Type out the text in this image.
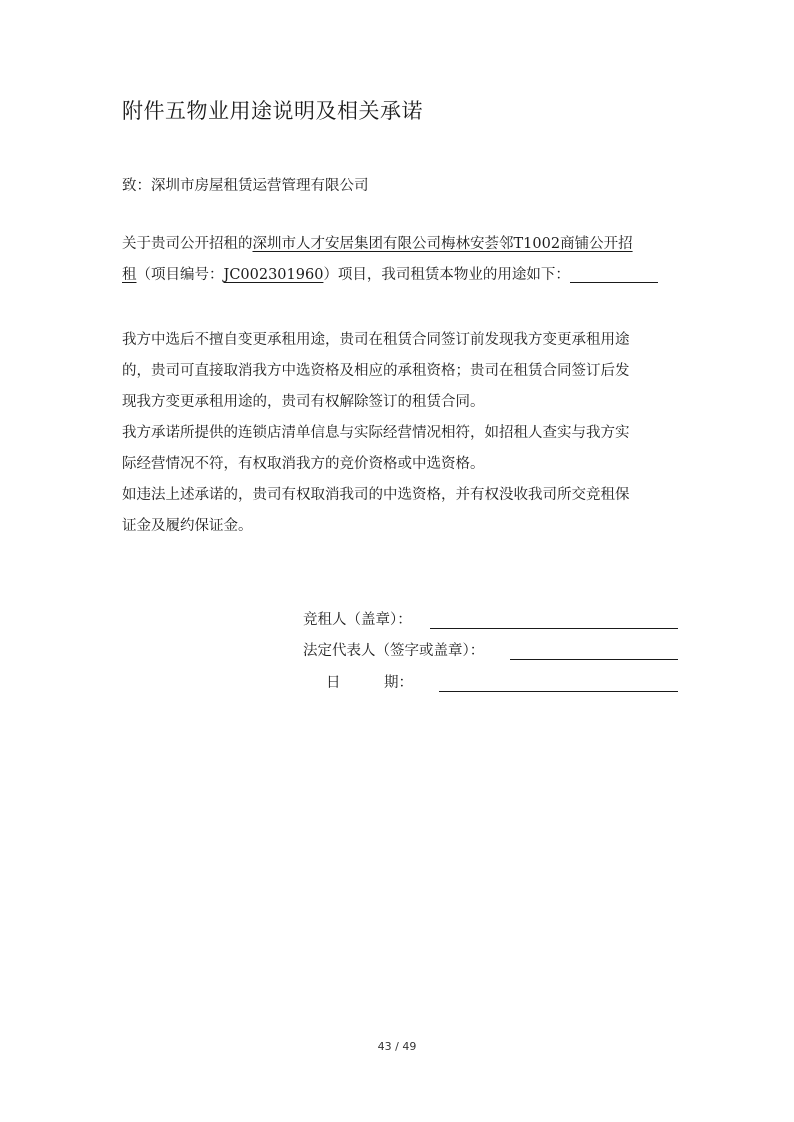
附件五物业用途说明及相关承诺
致：深圳市房屋租赁运营管理有限公司
关于贵司公开招租的深圳市人才安居集团有限公司梅林安荟邻T1002商铺公开招
租（项目编号：JC002301960）项目，我司租赁本物业的用途如下：
我方中选后不擅自变更承租用途，贵司在租赁合同签订前发现我方变更承租用途
的，贵司可直接取消我方中选资格及相应的承租资格；贵司在租赁合同签订后发
现我方变更承租用途的，贵司有权解除签订的租赁合同。
我方承诺所提供的连锁店清单信息与实际经营情况相符，如招租人查实与我方实
际经营情况不符，有权取消我方的竞价资格或中选资格。
如违法上述承诺的，贵司有权取消我司的中选资格，并有权没收我司所交竞租保
证金及履约保证金。
竞租人（盖章）：
法定代表人（签字或盖章）：
日　　　期：
43 / 49
